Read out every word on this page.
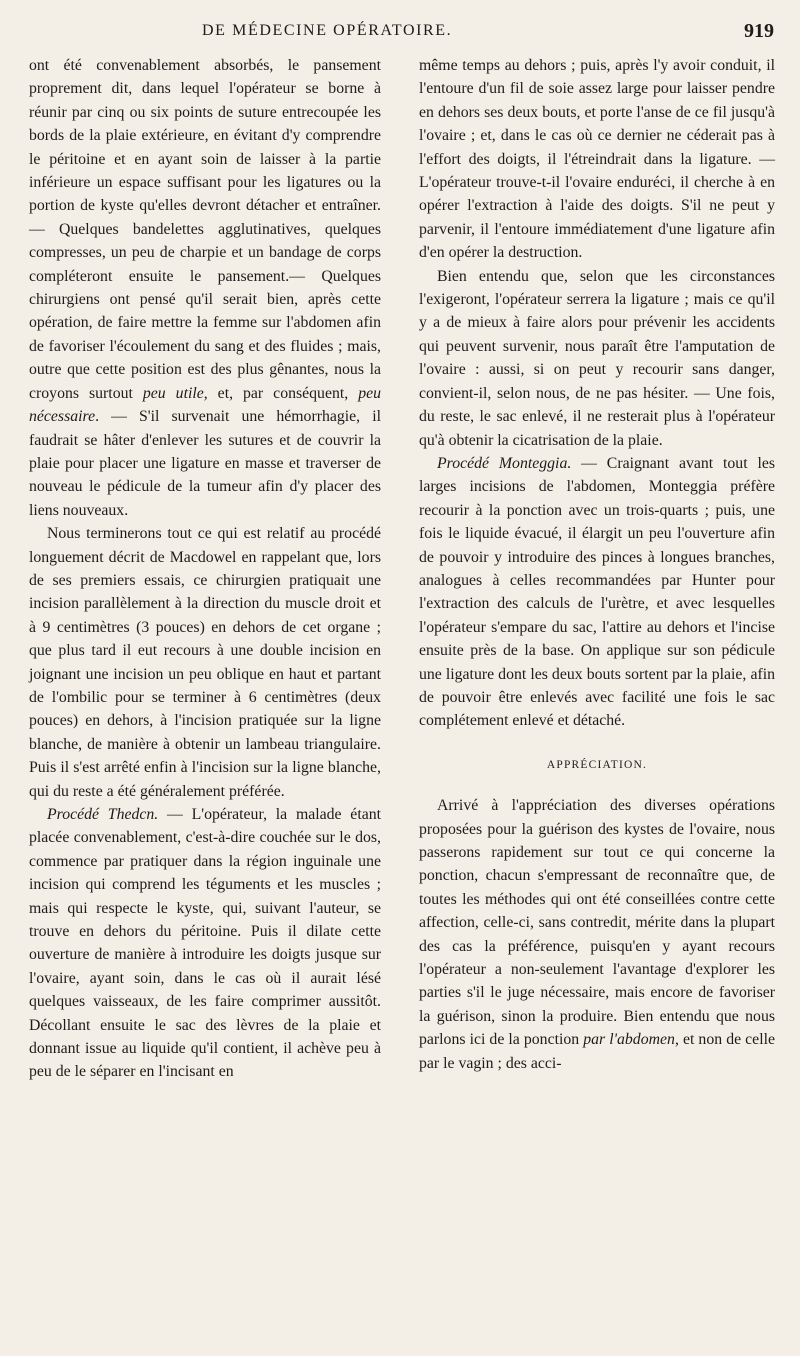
DE MÉDECINE OPÉRATOIRE.	919

ont été convenablement absorbés, le pansement proprement dit, dans lequel l'opérateur se borne à réunir par cinq ou six points de suture entrecoupée les bords de la plaie extérieure, en évitant d'y comprendre le péritoine et en ayant soin de laisser à la partie inférieure un espace suffisant pour les ligatures ou la portion de kyste qu'elles devront détacher et entraîner. — Quelques bandelettes agglutinatives, quelques compresses, un peu de charpie et un bandage de corps compléteront ensuite le pansement.— Quelques chirurgiens ont pensé qu'il serait bien, après cette opération, de faire mettre la femme sur l'abdomen afin de favoriser l'écoulement du sang et des fluides ; mais, outre que cette position est des plus gênantes, nous la croyons surtout peu utile, et, par conséquent, peu nécessaire. — S'il survenait une hémorrhagie, il faudrait se hâter d'enlever les sutures et de couvrir la plaie pour placer une ligature en masse et traverser de nouveau le pédicule de la tumeur afin d'y placer des liens nouveaux.

Nous terminerons tout ce qui est relatif au procédé longuement décrit de Macdowel en rappelant que, lors de ses premiers essais, ce chirurgien pratiquait une incision parallèlement à la direction du muscle droit et à 9 centimètres (3 pouces) en dehors de cet organe ; que plus tard il eut recours à une double incision en joignant une incision un peu oblique en haut et partant de l'ombilic pour se terminer à 6 centimètres (deux pouces) en dehors, à l'incision pratiquée sur la ligne blanche, de manière à obtenir un lambeau triangulaire. Puis il s'est arrêté enfin à l'incision sur la ligne blanche, qui du reste a été généralement préférée.

Procédé Thedcn. — L'opérateur, la malade étant placée convenablement, c'est-à-dire couchée sur le dos, commence par pratiquer dans la région inguinale une incision qui comprend les téguments et les muscles ; mais qui respecte le kyste, qui, suivant l'auteur, se trouve en dehors du péritoine. Puis il dilate cette ouverture de manière à introduire les doigts jusque sur l'ovaire, ayant soin, dans le cas où il aurait lésé quelques vaisseaux, de les faire comprimer aussitôt. Décollant ensuite le sac des lèvres de la plaie et donnant issue au liquide qu'il contient, il achève peu à peu de le séparer en l'incisant en

même temps au dehors ; puis, après l'y avoir conduit, il l'entoure d'un fil de soie assez large pour laisser pendre en dehors ses deux bouts, et porte l'anse de ce fil jusqu'à l'ovaire ; et, dans le cas où ce dernier ne céderait pas à l'effort des doigts, il l'étreindrait dans la ligature. — L'opérateur trouve-t-il l'ovaire enduréci, il cherche à en opérer l'extraction à l'aide des doigts. S'il ne peut y parvenir, il l'entoure immédiatement d'une ligature afin d'en opérer la destruction.

Bien entendu que, selon que les circonstances l'exigeront, l'opérateur serrera la ligature ; mais ce qu'il y a de mieux à faire alors pour prévenir les accidents qui peuvent survenir, nous paraît être l'amputation de l'ovaire : aussi, si on peut y recourir sans danger, convient-il, selon nous, de ne pas hésiter. — Une fois, du reste, le sac enlevé, il ne resterait plus à l'opérateur qu'à obtenir la cicatrisation de la plaie.

Procédé Monteggia. — Craignant avant tout les larges incisions de l'abdomen, Monteggia préfère recourir à la ponction avec un trois-quarts ; puis, une fois le liquide évacué, il élargit un peu l'ouverture afin de pouvoir y introduire des pinces à longues branches, analogues à celles recommandées par Hunter pour l'extraction des calculs de l'urètre, et avec lesquelles l'opérateur s'empare du sac, l'attire au dehors et l'incise ensuite près de la base. On applique sur son pédicule une ligature dont les deux bouts sortent par la plaie, afin de pouvoir être enlevés avec facilité une fois le sac complétement enlevé et détaché.

APPRÉCIATION.

Arrivé à l'appréciation des diverses opérations proposées pour la guérison des kystes de l'ovaire, nous passerons rapidement sur tout ce qui concerne la ponction, chacun s'empressant de reconnaître que, de toutes les méthodes qui ont été conseillées contre cette affection, celle-ci, sans contredit, mérite dans la plupart des cas la préférence, puisqu'en y ayant recours l'opérateur a non-seulement l'avantage d'explorer les parties s'il le juge nécessaire, mais encore de favoriser la guérison, sinon la produire. Bien entendu que nous parlons ici de la ponction par l'abdomen, et non de celle par le vagin ; des acci-
